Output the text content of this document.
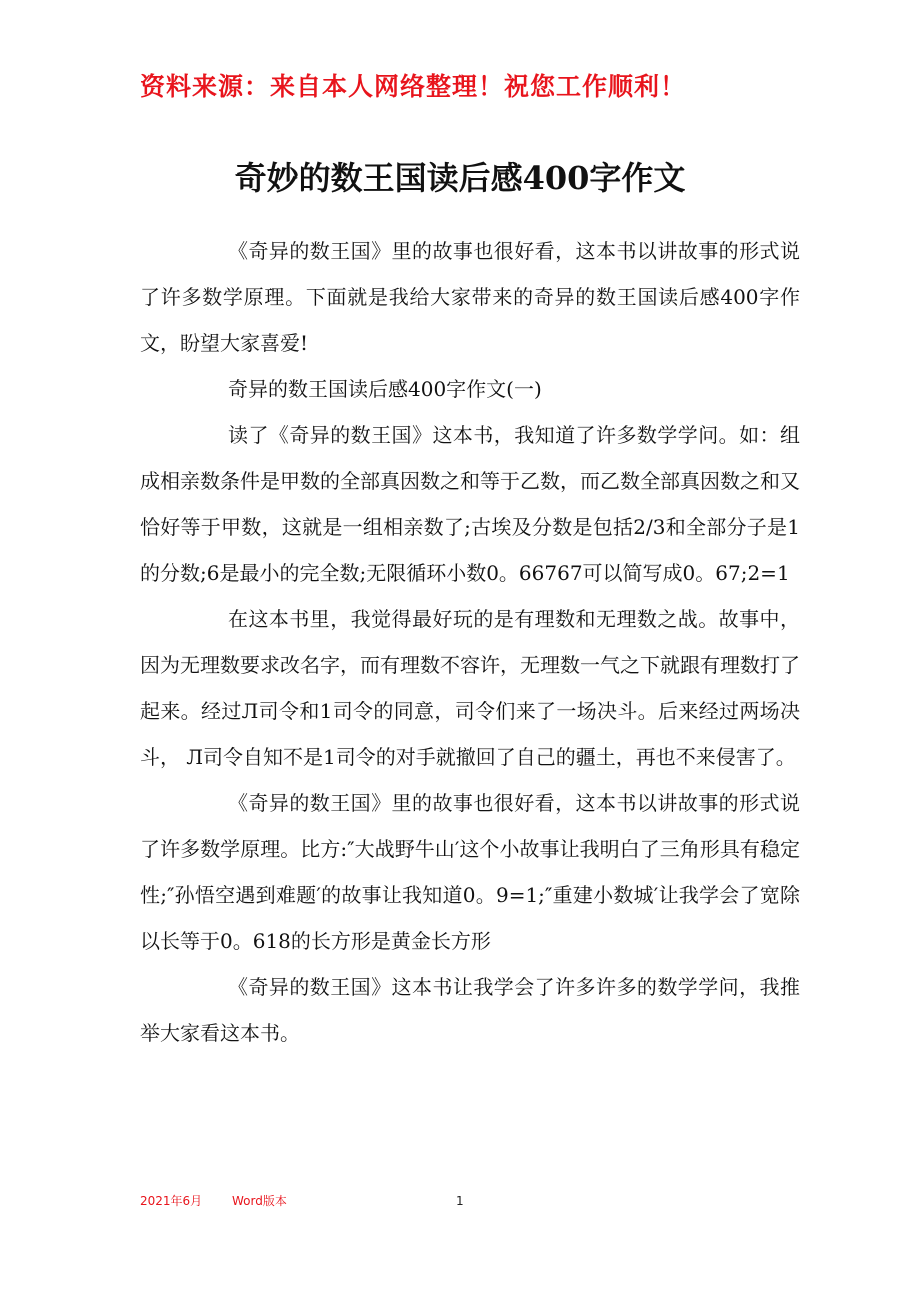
资料来源：来自本人网络整理！祝您工作顺利！
奇妙的数王国读后感400字作文

《奇异的数王国》里的故事也很好看，这本书以讲故事的形式说了许多数学原理。下面就是我给大家带来的奇异的数王国读后感400字作文，盼望大家喜爱!

奇异的数王国读后感400字作文(一)

读了《奇异的数王国》这本书，我知道了许多数学学问。如：组成相亲数条件是甲数的全部真因数之和等于乙数，而乙数全部真因数之和又恰好等于甲数，这就是一组相亲数了;古埃及分数是包括2/3和全部分子是1的分数;6是最小的完全数;无限循环小数0。66767可以简写成0。67;2=1

在这本书里，我觉得最好玩的是有理数和无理数之战。故事中，因为无理数要求改名字，而有理数不容许，无理数一气之下就跟有理数打了起来。经过Л司令和1司令的同意，司令们来了一场决斗。后来经过两场决斗， Л司令自知不是1司令的对手就撤回了自己的疆土，再也不来侵害了。

《奇异的数王国》里的故事也很好看，这本书以讲故事的形式说了许多数学原理。比方:″大战野牛山′这个小故事让我明白了三角形具有稳定性;″孙悟空遇到难题′的故事让我知道0。9=1;″重建小数城′让我学会了宽除以长等于0。618的长方形是黄金长方形

《奇异的数王国》这本书让我学会了许多许多的数学学问，我推举大家看这本书。

2021年6月 Word版本	1
